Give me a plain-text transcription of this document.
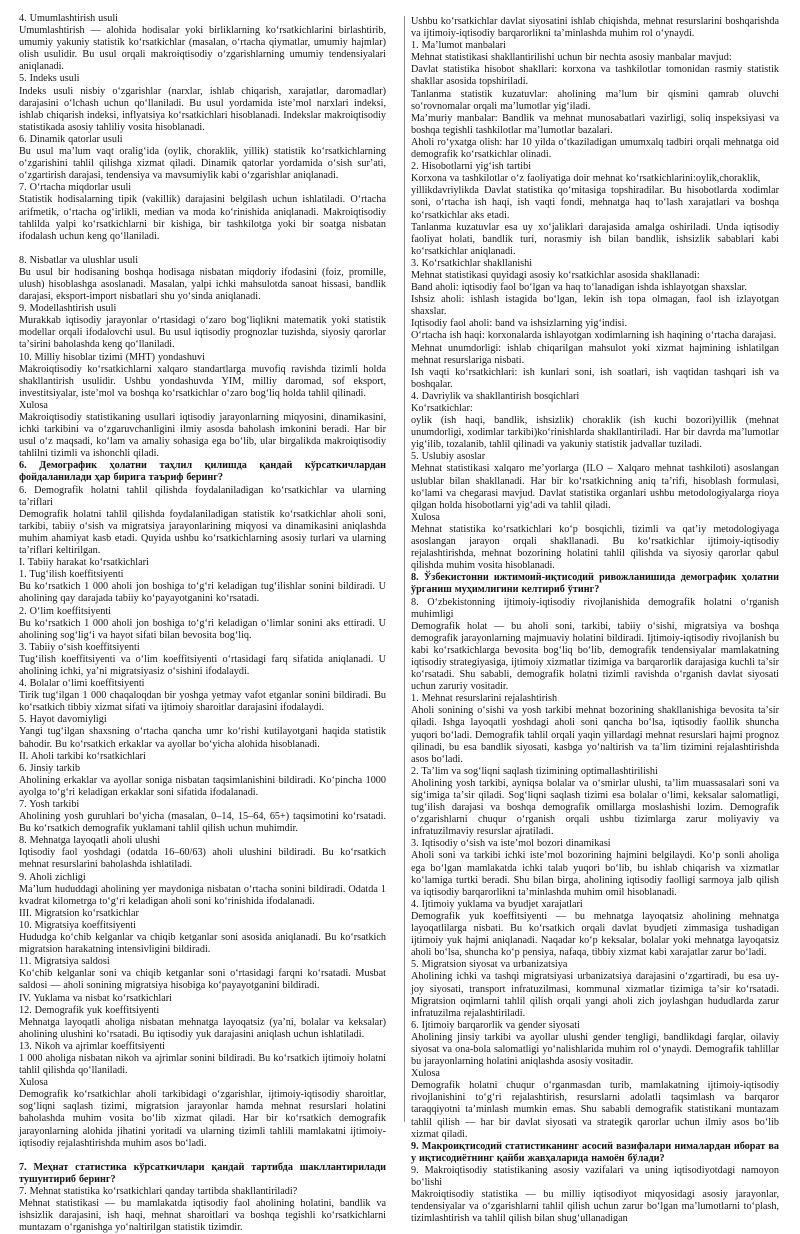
4. Umumlashtirish usuli

Umumlashtirish — alohida hodisalar yoki birliklarning koʻrsatkichlarini birlashtirib, umumiy yakuniy statistik koʻrsatkichlar (masalan, oʻrtacha qiymatlar, umumiy hajmlar) olish usulidir. Bu usul orqali makroiqtisodiy oʻzgarishlarning umumiy tendensiyalari aniqlanadi.

5. Indeks usuli

Indeks usuli nisbiy oʻzgarishlar (narxlar, ishlab chiqarish, xarajatlar, daromadlar) darajasini oʻlchash uchun qoʻllaniladi. Bu usul yordamida isteʼmol narxlari indeksi, ishlab chiqarish indeksi, inflyatsiya koʻrsatkichlari hisoblanadi. Indekslar makroiqtisodiy statistikada asosiy tahliliy vosita hisoblanadi.

6. Dinamik qatorlar usuli

Bu usul maʼlum vaqt oraligʻida (oylik, choraklik, yillik) statistik koʻrsatkichlarning oʻzgarishini tahlil qilishga xizmat qiladi. Dinamik qatorlar yordamida oʻsish surʼati, oʻzgartirish darajasi, tendensiya va mavsumiylik kabi oʻzgarishlar aniqlanadi.

7. Oʻrtacha miqdorlar usuli

Statistik hodisalarning tipik (vakillik) darajasini belgilash uchun ishlatiladi. Oʻrtacha arifmetik, oʻrtacha ogʻirlikli, median va moda koʻrinishida aniqlanadi. Makroiqtisodiy tahlilda yalpi koʻrsatkichlarni bir kishiga, bir tashkilotga yoki bir soatga nisbatan ifodalash uchun keng qoʻllaniladi.

8. Nisbatlar va ulushlar usuli

Bu usul bir hodisaning boshqa hodisaga nisbatan miqdoriy ifodasini (foiz, promille, ulush) hisoblashga asoslanadi. Masalan, yalpi ichki mahsulotda sanoat hissasi, bandlik darajasi, eksport-import nisbatlari shu yoʻsinda aniqlanadi.

9. Modellashtirish usuli

Murakkab iqtisodiy jarayonlar oʻrtasidagi oʻzaro bogʻliqlikni matematik yoki statistik modellar orqali ifodalovchi usul. Bu usul iqtisodiy prognozlar tuzishda, siyosiy qarorlar taʼsirini baholashda keng qoʻllaniladi.

10. Milliy hisoblar tizimi (MHT) yondashuvi

Makroiqtisodiy koʻrsatkichlarni xalqaro standartlarga muvofiq ravishda tizimli holda shakllantirish usulidir. Ushbu yondashuvda YIM, milliy daromad, sof eksport, investitsiyalar, isteʼmol va boshqa koʻrsatkichlar oʻzaro bogʻliq holda tahlil qilinadi.

Xulosa

Makroiqtisodiy statistikaning usullari iqtisodiy jarayonlarning miqyosini, dinamikasini, ichki tarkibini va oʻzgaruvchanligini ilmiy asosda baholash imkonini beradi. Har bir usul oʻz maqsadi, koʻlam va amaliy sohasiga ega boʻlib, ular birgalikda makroiqtisodiy tahlilni tizimli va ishonchli qiladi.

6. Демографик ҳолатни таҳлил қилишда қандай кўрсаткичлардан фойдаланилади ҳар бирига таъриф беринг?

6. Demografik holatni tahlil qilishda foydalaniladigan koʻrsatkichlar va ularning taʼriflari

Demografik holatni tahlil qilishda foydalaniladigan statistik koʻrsatkichlar aholi soni, tarkibi, tabiiy oʻsish va migratsiya jarayonlarining miqyosi va dinamikasini aniqlashda muhim ahamiyat kasb etadi. Quyida ushbu koʻrsatkichlarning asosiy turlari va ularning taʼriflari keltirilgan.

I. Tabiiy harakat koʻrsatkichlari

1. Tugʻilish koeffitsiyenti

Bu koʻrsatkich 1 000 aholi jon boshiga toʻgʻri keladigan tugʻilishlar sonini bildiradi. U aholining qay darajada tabiiy koʻpayayotganini koʻrsatadi.

2. Oʻlim koeffitsiyenti

Bu koʻrsatkich 1 000 aholi jon boshiga toʻgʻri keladigan oʻlimlar sonini aks ettiradi. U aholining sogʻligʻi va hayot sifati bilan bevosita bogʻliq.

3. Tabiiy oʻsish koeffitsiyenti

Tugʻilish koeffitsiyenti va oʻlim koeffitsiyenti oʻrtasidagi farq sifatida aniqlanadi. U aholining ichki, yaʼni migratsiyasiz oʻsishini ifodalaydi.

4. Bolalar oʻlimi koeffitsiyenti

Tirik tugʻilgan 1 000 chaqaloqdan bir yoshga yetmay vafot etganlar sonini bildiradi. Bu koʻrsatkich tibbiy xizmat sifati va ijtimoiy sharoitlar darajasini ifodalaydi.

5. Hayot davomiyligi

Yangi tugʻilgan shaxsning oʻrtacha qancha umr koʻrishi kutilayotgani haqida statistik bahodir. Bu koʻrsatkich erkaklar va ayollar boʻyicha alohida hisoblanadi.

II. Aholi tarkibi koʻrsatkichlari

6. Jinsiy tarkib

Aholining erkaklar va ayollar soniga nisbatan taqsimlanishini bildiradi. Koʻpincha 1000 ayolga toʻgʻri keladigan erkaklar soni sifatida ifodalanadi.

7. Yosh tarkibi

Aholining yosh guruhlari boʻyicha (masalan, 0–14, 15–64, 65+) taqsimotini koʻrsatadi. Bu koʻrsatkich demografik yuklamani tahlil qilish uchun muhimdir.

8. Mehnatga layoqatli aholi ulushi

Iqtisodiy faol yoshdagi (odatda 16–60/63) aholi ulushini bildiradi. Bu koʻrsatkich mehnat resurslarini baholashda ishlatiladi.

9. Aholi zichligi

Maʼlum hududdagi aholining yer maydoniga nisbatan oʻrtacha sonini bildiradi. Odatda 1 kvadrat kilometrga toʻgʻri keladigan aholi soni koʻrinishida ifodalanadi.

III. Migratsion koʻrsatkichlar

10. Migratsiya koeffitsiyenti

Hududga koʻchib kelganlar va chiqib ketganlar soni asosida aniqlanadi. Bu koʻrsatkich migratsion harakatning intensivligini bildiradi.

11. Migratsiya saldosi

Koʻchib kelganlar soni va chiqib ketganlar soni oʻrtasidagi farqni koʻrsatadi. Musbat saldosi — aholi sonining migratsiya hisobiga koʻpayayotganini bildiradi.

IV. Yuklama va nisbat koʻrsatkichlari

12. Demografik yuk koeffitsiyenti

Mehnatga layoqatli aholiga nisbatan mehnatga layoqatsiz (yaʼni, bolalar va keksalar) aholining ulushini koʻrsatadi. Bu iqtisodiy yuk darajasini aniqlash uchun ishlatiladi.

13. Nikoh va ajrimlar koeffitsiyenti

1 000 aholiga nisbatan nikoh va ajrimlar sonini bildiradi. Bu koʻrsatkich ijtimoiy holatni tahlil qilishda qoʻllaniladi.

Xulosa

Demografik koʻrsatkichlar aholi tarkibidagi oʻzgarishlar, ijtimoiy-iqtisodiy sharoitlar, sogʻliqni saqlash tizimi, migratsion jarayonlar hamda mehnat resurslari holatini baholashda muhim vosita boʻlib xizmat qiladi. Har bir koʻrsatkich demografik jarayonlarning alohida jihatini yoritadi va ularning tizimli tahlili mamlakatni ijtimoiy-iqtisodiy rejalashtirishda muhim asos boʻladi.

7. Меҳнат статистика кўрсаткичлари қандай тартибда шакллантирилади тушунтириб беринг?

7. Mehnat statistika koʻrsatkichlari qanday tartibda shakllantiriladi?

Mehnat statistikasi — bu mamlakatda iqtisodiy faol aholining holatini, bandlik va ishsizlik darajasini, ish haqi, mehnat sharoitlari va boshqa tegishli koʻrsatkichlarni muntazam oʻrganishga yoʻnaltirilgan statistik tizimdir.

Ushbu koʻrsatkichlar davlat siyosatini ishlab chiqishda, mehnat resurslarini boshqarishda va ijtimoiy-iqtisodiy barqarorlikni taʼminlashda muhim rol oʻynaydi.

1. Maʼlumot manbalari

Mehnat statistikasi shakllantirilishi uchun bir nechta asosiy manbalar mavjud:

Davlat statistika hisobot shakllari: korxona va tashkilotlar tomonidan rasmiy statistik shakllar asosida topshiriladi.

Tanlanma statistik kuzatuvlar: aholining maʼlum bir qismini qamrab oluvchi soʻrovnomalar orqali maʼlumotlar yigʻiladi.

Maʼmuriy manbalar: Bandlik va mehnat munosabatlari vazirligi, soliq inspeksiyasi va boshqa tegishli tashkilotlar maʼlumotlar bazalari.

Aholi roʻyxatga olish: har 10 yilda oʻtkaziladigan umumxalq tadbiri orqali mehnatga oid demografik koʻrsatkichlar olinadi.

2. Hisobotlarni yigʻish tartibi

Korxona va tashkilotlar oʻz faoliyatiga doir mehnat koʻrsatkichlarini:oylik,choraklik,

yillikdavriylikda Davlat statistika qoʻmitasiga topshiradilar. Bu hisobotlarda xodimlar soni, oʻrtacha ish haqi, ish vaqti fondi, mehnatga haq toʻlash xarajatlari va boshqa koʻrsatkichlar aks etadi.

Tanlanma kuzatuvlar esa uy xoʻjaliklari darajasida amalga oshiriladi. Unda iqtisodiy faoliyat holati, bandlik turi, norasmiy ish bilan bandlik, ishsizlik sabablari kabi koʻrsatkichlar aniqlanadi.

3. Koʻrsatkichlar shakllanishi

Mehnat statistikasi quyidagi asosiy koʻrsatkichlar asosida shakllanadi:

Band aholi: iqtisodiy faol boʻlgan va haq toʻlanadigan ishda ishlayotgan shaxslar.

Ishsiz aholi: ishlash istagida boʻlgan, lekin ish topa olmagan, faol ish izlayotgan shaxslar.

Iqtisodiy faol aholi: band va ishsizlarning yigʻindisi.

Oʻrtacha ish haqi: korxonalarda ishlayotgan xodimlarning ish haqining oʻrtacha darajasi.

Mehnat unumdorligi: ishlab chiqarilgan mahsulot yoki xizmat hajmining ishlatilgan mehnat resurslariga nisbati.

Ish vaqti koʻrsatkichlari: ish kunlari soni, ish soatlari, ish vaqtidan tashqari ish va boshqalar.

4. Davriylik va shakllantirish bosqichlari

Koʻrsatkichlar:

oylik (ish haqi, bandlik, ishsizlik) choraklik (ish kuchi bozori)yillik (mehnat unumdorligi, xodimlar tarkibi)koʻrinishlarda shakllantiriladi. Har bir davrda maʼlumotlar yigʻilib, tozalanib, tahlil qilinadi va yakuniy statistik jadvallar tuziladi.

5. Uslubiy asoslar

Mehnat statistikasi xalqaro meʼyorlarga (ILO – Xalqaro mehnat tashkiloti) asoslangan uslublar bilan shakllanadi. Har bir koʻrsatkichning aniq taʼrifi, hisoblash formulasi, koʻlami va chegarasi mavjud. Davlat statistika organlari ushbu metodologiyalarga rioya qilgan holda hisobotlarni yigʻadi va tahlil qiladi.

Xulosa

Mehnat statistika koʻrsatkichlari koʻp bosqichli, tizimli va qatʼiy metodologiyaga asoslangan jarayon orqali shakllanadi. Bu koʻrsatkichlar ijtimoiy-iqtisodiy rejalashtirishda, mehnat bozorining holatini tahlil qilishda va siyosiy qarorlar qabul qilishda muhim vosita hisoblanadi.

8. Ўзбекистонни ижтимоий-иқтисодий ривожланишида демографик ҳолатни ўрганиш муҳимлигини келтириб ўтинг?

8. Oʻzbekistonning ijtimoiy-iqtisodiy rivojlanishida demografik holatni oʻrganish muhimligi

Demografik holat — bu aholi soni, tarkibi, tabiiy oʻsishi, migratsiya va boshqa demografik jarayonlarning majmuaviy holatini bildiradi. Ijtimoiy-iqtisodiy rivojlanish bu kabi koʻrsatkichlarga bevosita bogʻliq boʻlib, demografik tendensiyalar mamlakatning iqtisodiy strategiyasiga, ijtimoiy xizmatlar tizimiga va barqarorlik darajasiga kuchli taʼsir koʻrsatadi. Shu sababli, demografik holatni tizimli ravishda oʻrganish davlat siyosati uchun zaruriy vositadir.

1. Mehnat resurslarini rejalashtirish

Aholi sonining oʻsishi va yosh tarkibi mehnat bozorining shakllanishiga bevosita taʼsir qiladi. Ishga layoqatli yoshdagi aholi soni qancha boʻlsa, iqtisodiy faollik shuncha yuqori boʻladi. Demografik tahlil orqali yaqin yillardagi mehnat resurslari hajmi prognoz qilinadi, bu esa bandlik siyosati, kasbga yoʻnaltirish va taʼlim tizimini rejalashtirishda asos boʻladi.

2. Taʼlim va sogʻliqni saqlash tizimining optimallashtirilishi

Aholining yosh tarkibi, ayniqsa bolalar va oʻsmirlar ulushi, taʼlim muassasalari soni va sigʻimiga taʼsir qiladi. Sogʻliqni saqlash tizimi esa bolalar oʻlimi, keksalar salomatligi, tugʻilish darajasi va boshqa demografik omillarga moslashishi lozim. Demografik oʻzgarishlarni chuqur oʻrganish orqali ushbu tizimlarga zarur moliyaviy va infratuzilmaviy resurslar ajratiladi.

3. Iqtisodiy oʻsish va isteʼmol bozori dinamikasi

Aholi soni va tarkibi ichki isteʼmol bozorining hajmini belgilaydi. Koʻp sonli aholiga ega boʻlgan mamlakatda ichki talab yuqori boʻlib, bu ishlab chiqarish va xizmatlar koʻlamiga turtki beradi. Shu bilan birga, aholining iqtisodiy faolligi sarmoya jalb qilish va iqtisodiy barqarorlikni taʼminlashda muhim omil hisoblanadi.

4. Ijtimoiy yuklama va byudjet xarajatlari

Demografik yuk koeffitsiyenti — bu mehnatga layoqatsiz aholining mehnatga layoqatlilarga nisbati. Bu koʻrsatkich orqali davlat byudjeti zimmasiga tushadigan ijtimoiy yuk hajmi aniqlanadi. Naqadar koʻp keksalar, bolalar yoki mehnatga layoqatsiz aholi boʻlsa, shuncha koʻp pensiya, nafaqa, tibbiy xizmat kabi xarajatlar zarur boʻladi.

5. Migratsion siyosat va urbanizatsiya

Aholining ichki va tashqi migratsiyasi urbanizatsiya darajasini oʻzgartiradi, bu esa uy-joy siyosati, transport infratuzilmasi, kommunal xizmatlar tizimiga taʼsir koʻrsatadi. Migratsion oqimlarni tahlil qilish orqali yangi aholi zich joylashgan hududlarda zarur infratuzilma rejalashtiriladi.

6. Ijtimoiy barqarorlik va gender siyosati

Aholining jinsiy tarkibi va ayollar ulushi gender tengligi, bandlikdagi farqlar, oilaviy siyosat va ona-bola salomatligi yoʻnalishlarida muhim rol oʻynaydi. Demografik tahlillar bu jarayonlarning holatini aniqlashda asosiy vositadir.

Xulosa

Demografik holatni chuqur oʻrganmasdan turib, mamlakatning ijtimoiy-iqtisodiy rivojlanishini toʻgʻri rejalashtirish, resurslarni adolatli taqsimlash va barqaror taraqqiyotni taʼminlash mumkin emas. Shu sababli demografik statistikani muntazam tahlil qilish — har bir davlat siyosati va strategik qarorlar uchun ilmiy asos boʻlib xizmat qiladi.

9. Макроиқтисодий статистиканинг асосий вазифалари нималардан иборат ва у иқтисодиётнинг қайби жавҳаларида намоён бўлади?

9. Makroiqtisodiy statistikaning asosiy vazifalari va uning iqtisodiyotdagi namoyon boʻlishi

Makroiqtisodiy statistika — bu milliy iqtisodiyot miqyosidagi asosiy jarayonlar, tendensiyalar va oʻzgarishlarni tahlil qilish uchun zarur boʻlgan maʼlumotlarni toʻplash, tizimlashtirish va tahlil qilish bilan shugʻullanadigan
